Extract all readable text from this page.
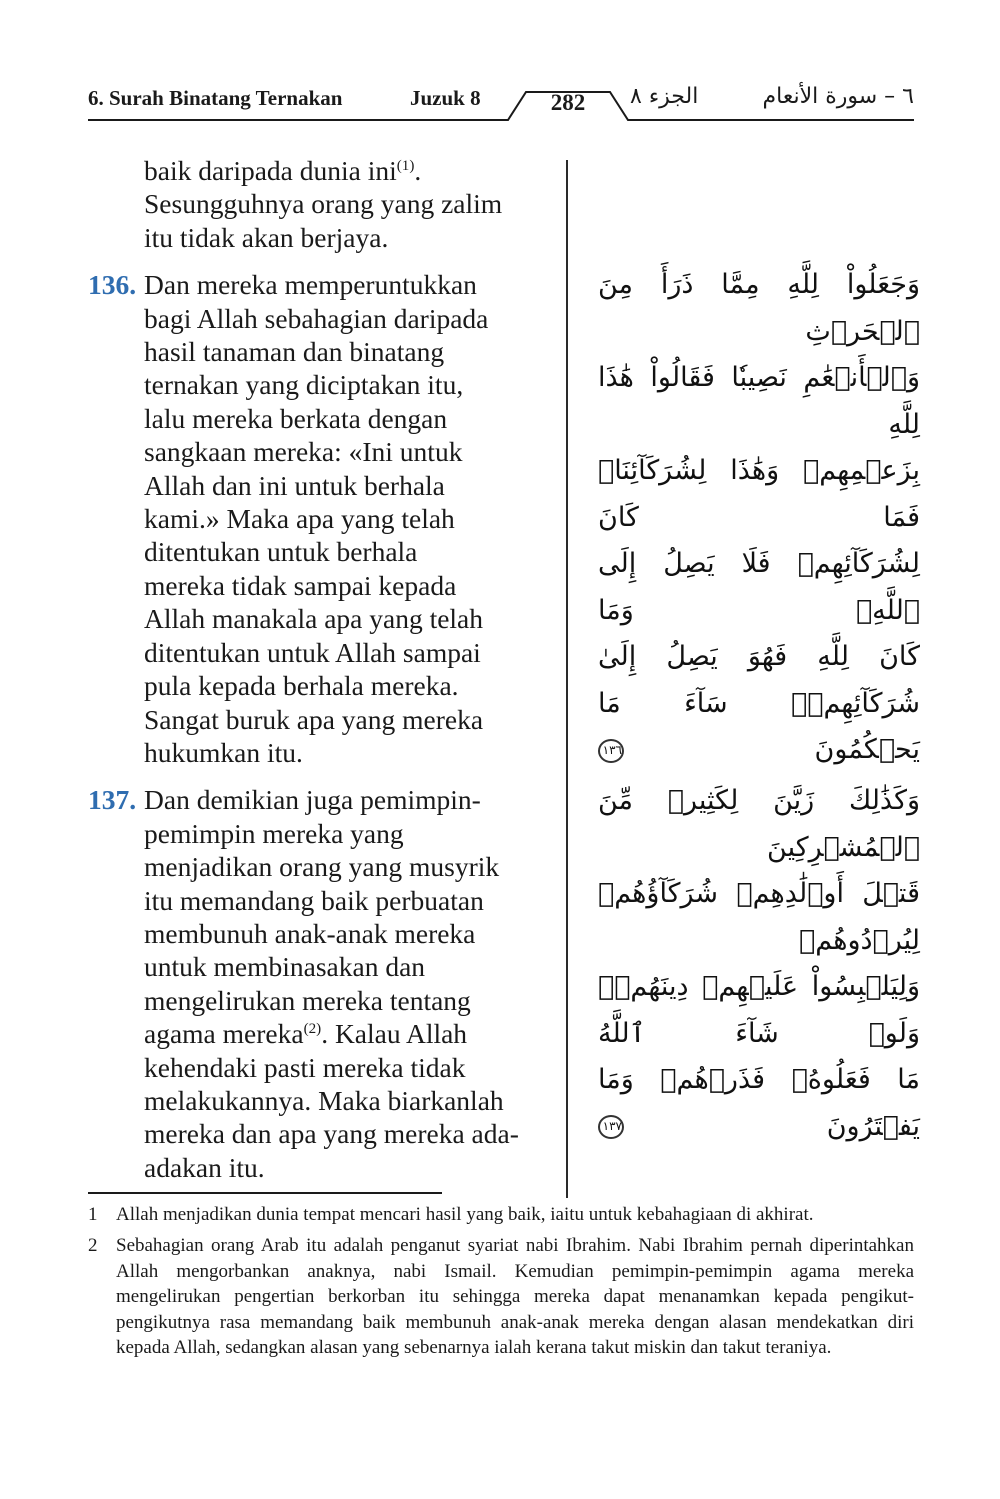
6. Surah Binatang Ternakan	Juzuk 8	282	الجزء ٨	٦ – سورة الأنعام
baik daripada dunia ini$^{(1)}$.
Sesungguhnya orang yang zalim
itu tidak akan berjaya.
136. Dan mereka memperuntukkan
bagi Allah sebahagian daripada
hasil tanaman dan binatang
ternakan yang diciptakan itu,
lalu mereka berkata dengan
sangkaan mereka: «Ini untuk
Allah dan ini untuk berhala
kami.» Maka apa yang telah
ditentukan untuk berhala
mereka tidak sampai kepada
Allah manakala apa yang telah
ditentukan untuk Allah sampai
pula kepada berhala mereka.
Sangat buruk apa yang mereka
hukumkan itu.
137. Dan demikian juga pemimpin-
pemimpin mereka yang
menjadikan orang yang musyrik
itu memandang baik perbuatan
membunuh anak-anak mereka
untuk membinasakan dan
mengelirukan mereka tentang
agama mereka$^{(2)}$. Kalau Allah
kehendaki pasti mereka tidak
melakukannya. Maka biarkanlah
mereka dan apa yang mereka ada-
adakan itu.
وَجَعَلُواْ لِلَّهِ مِمَّا ذَرَأَ مِنَ ٱلۡحَرۡثِ
وَٱلۡأَنۡعَٰمِ نَصِيبٗا فَقَالُواْ هَٰذَا لِلَّهِ
بِزَعۡمِهِمۡ وَهَٰذَا لِشُرَكَآئِنَاۖ فَمَا كَانَ
لِشُرَكَآئِهِمۡ فَلَا يَصِلُ إِلَى ٱللَّهِۖ وَمَا
كَانَ لِلَّهِ فَهُوَ يَصِلُ إِلَىٰ
شُرَكَآئِهِمۡۗ سَآءَ مَا يَحۡكُمُونَ ١٣٦
وَكَذَٰلِكَ زَيَّنَ لِكَثِيرٖ مِّنَ ٱلۡمُشۡرِكِينَ
قَتۡلَ أَوۡلَٰدِهِمۡ شُرَكَآؤُهُمۡ لِيُرۡدُوهُمۡ
وَلِيَلۡبِسُواْ عَلَيۡهِمۡ دِينَهُمۡۖ وَلَوۡ شَآءَ ٱللَّهُ
مَا فَعَلُوهُۖ فَذَرۡهُمۡ وَمَا يَفۡتَرُونَ ١٣٧
1 Allah menjadikan dunia tempat mencari hasil yang baik, iaitu untuk kebahagiaan di akhirat.
2 Sebahagian orang Arab itu adalah penganut syariat nabi Ibrahim. Nabi Ibrahim pernah diperintahkan Allah mengorbankan anaknya, nabi Ismail. Kemudian pemimpin-pemimpin agama mereka mengelirukan pengertian berkorban itu sehingga mereka dapat menanamkan kepada pengikut-pengikutnya rasa memandang baik membunuh anak-anak mereka dengan alasan mendekatkan diri kepada Allah, sedangkan alasan yang sebenarnya ialah kerana takut miskin dan takut teraniya.
